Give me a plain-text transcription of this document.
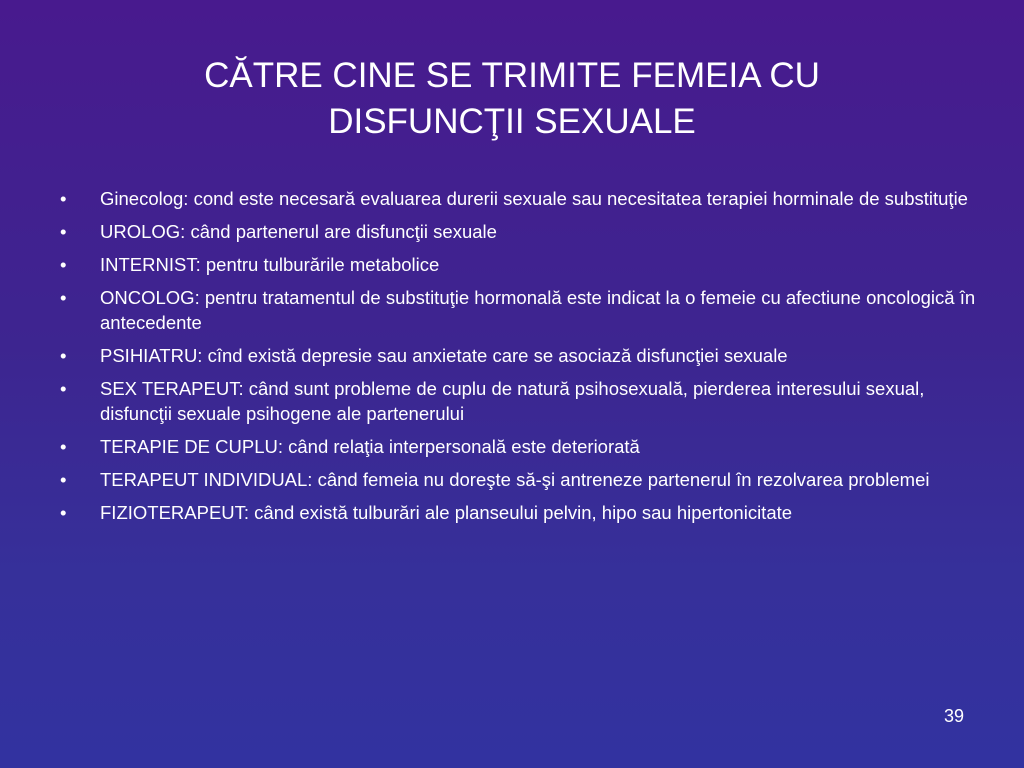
CĂTRE CINE SE TRIMITE FEMEIA CU
DISFUNCŢII SEXUALE
•	Ginecolog: cond este necesară evaluarea durerii sexuale sau necesitatea terapiei horminale de substituţie
•	UROLOG: când partenerul are disfuncţii sexuale
•	INTERNIST: pentru tulburările metabolice
•	ONCOLOG: pentru tratamentul de substituţie hormonală este indicat la o femeie cu afectiune oncologică în antecedente
•	PSIHIATRU: cînd există depresie sau anxietate care se asociază disfuncţiei sexuale
•	SEX TERAPEUT: când sunt probleme de cuplu de natură psihosexuală, pierderea interesului sexual, disfuncţii sexuale psihogene ale partenerului
•	TERAPIE DE CUPLU: când relaţia interpersonală este deteriorată
•	TERAPEUT INDIVIDUAL: când femeia nu doreşte să-şi antreneze partenerul în rezolvarea problemei
•	FIZIOTERAPEUT: când există tulburări ale planseului pelvin, hipo sau hipertonicitate
39
